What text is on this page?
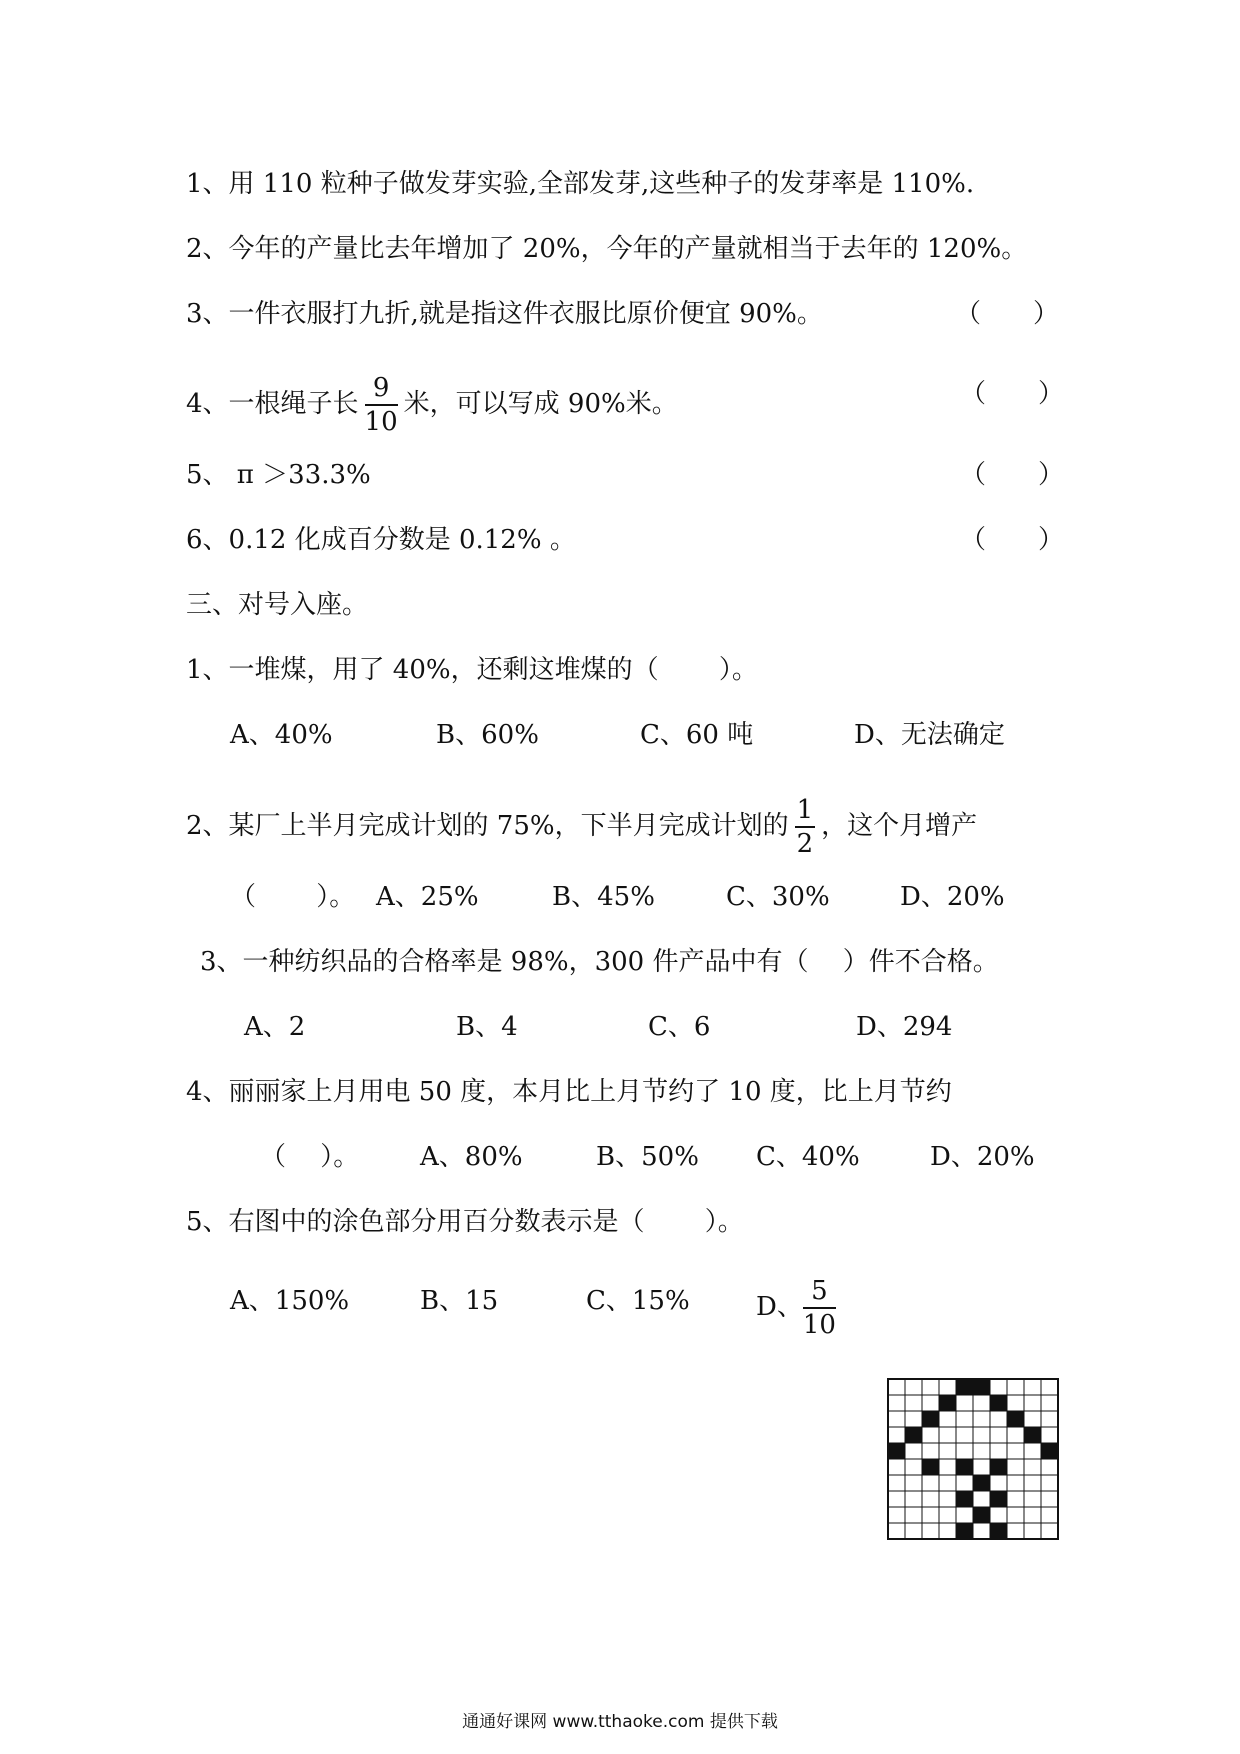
1、用 110 粒种子做发芽实验,全部发芽,这些种子的发芽率是 110%.
2、今年的产量比去年增加了 20%，今年的产量就相当于去年的 120%。
3、一件衣服打九折,就是指这件衣服比原价便宜 90%。	（　　）
4、一根绳子长 $\frac{9}{10}$ 米，可以写成 90%米。	（　　）
5、 π ＞33.3%	（　　）
6、0.12 化成百分数是 0.12% 。	（　　）
三、对号入座。
1、一堆煤，用了 40%，还剩这堆煤的（　　 ）。
A、40%	B、60%	C、60 吨	D、无法确定
2、某厂上半月完成计划的 75%，下半月完成计划的 $\frac{1}{2}$ ，这个月增产
（　　 ）。 A、25%	B、45%	C、30%	D、20%
3、一种纺织品的合格率是 98%，300 件产品中有（　 ）件不合格。
A、2	B、4	C、6	D、294
4、丽丽家上月用电 50 度，本月比上月节约了 10 度，比上月节约
（　 ）。 A、80%	B、50% C、40%	D、20%
5、右图中的涂色部分用百分数表示是（　　 ）。
A、150%	B、15	C、15%	D、 $\frac{5}{10}$
通通好课网 www.tthaoke.com 提供下载
